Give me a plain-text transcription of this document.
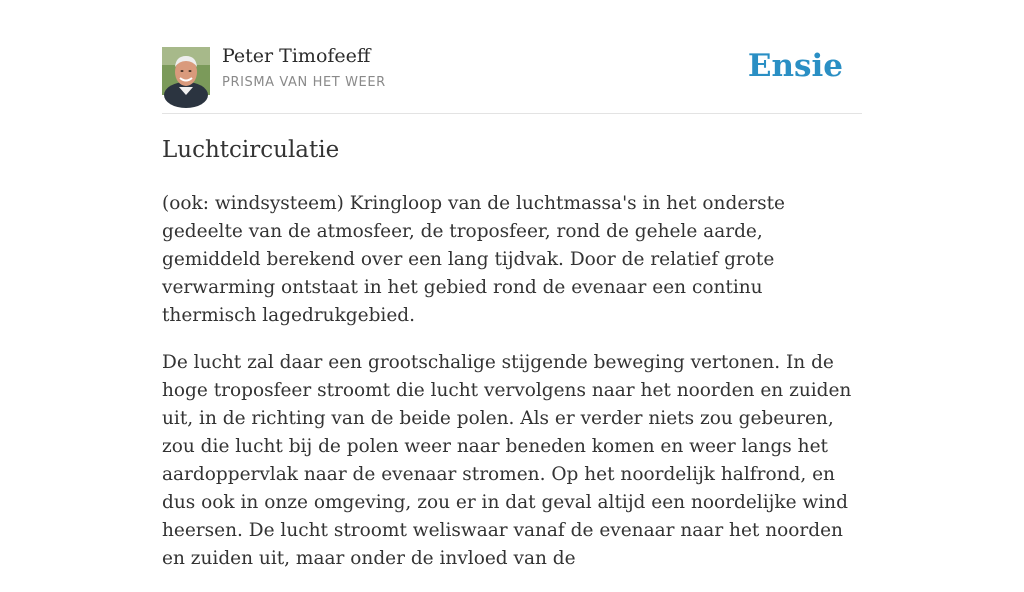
Peter Timofeeff
PRISMA VAN HET WEER	Ensie
Luchtcirculatie

(ook: windsysteem) Kringloop van de luchtmassa's in het onderste gedeelte van de atmosfeer, de troposfeer, rond de gehele aarde, gemiddeld berekend over een lang tijdvak. Door de relatief grote verwarming ontstaat in het gebied rond de evenaar een continu thermisch lagedrukgebied.

De lucht zal daar een grootschalige stijgende beweging vertonen. In de hoge troposfeer stroomt die lucht vervolgens naar het noorden en zuiden uit, in de richting van de beide polen. Als er verder niets zou gebeuren, zou die lucht bij de polen weer naar beneden komen en weer langs het aardoppervlak naar de evenaar stromen. Op het noordelijk halfrond, en dus ook in onze omgeving, zou er in dat geval altijd een noordelijke wind heersen. De lucht stroomt weliswaar vanaf de evenaar naar het noorden en zuiden uit, maar onder de invloed van de
